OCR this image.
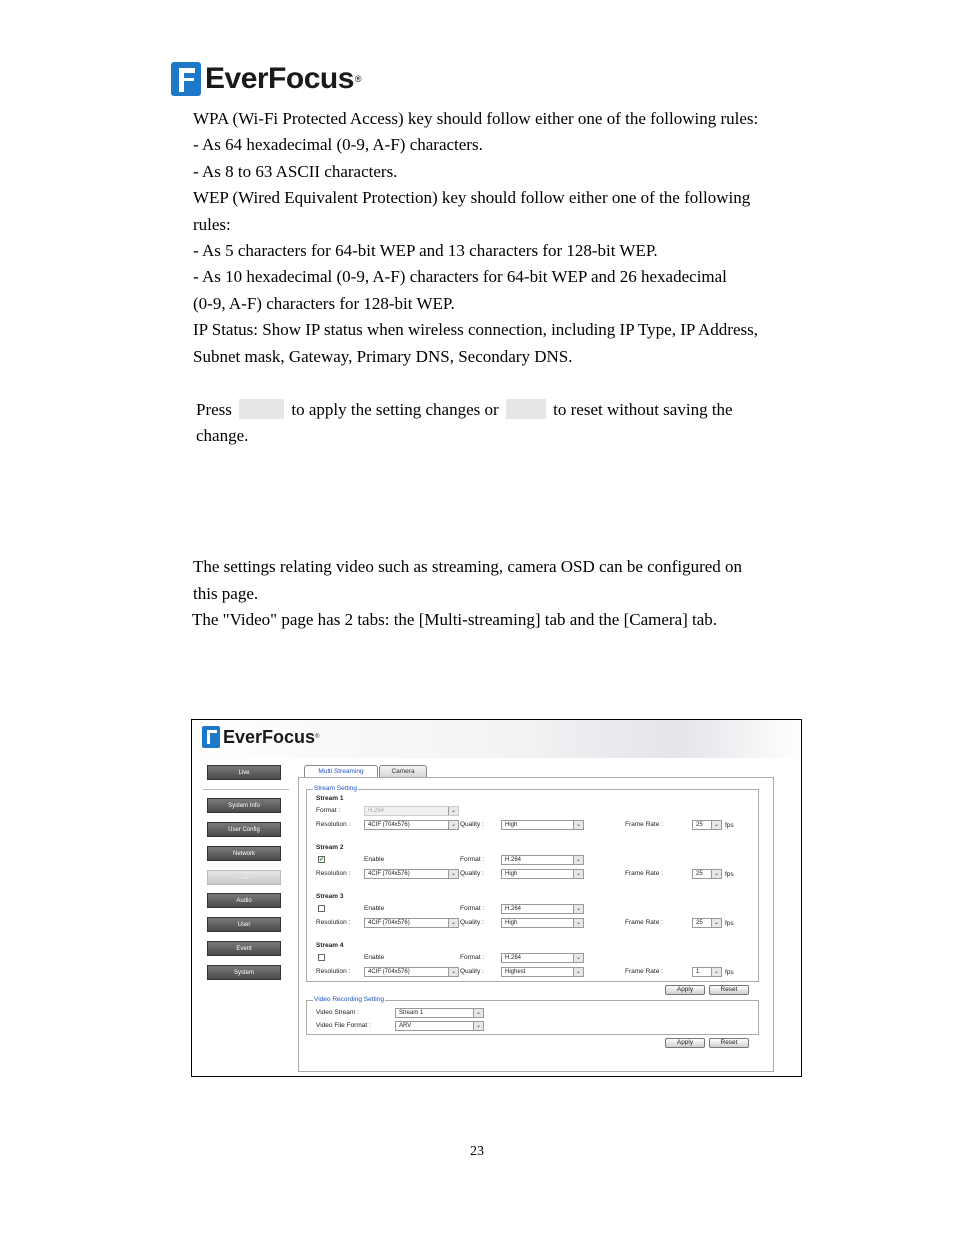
EverFocus ®
WPA (Wi-Fi Protected Access) key should follow either one of the following rules:
- As 64 hexadecimal (0-9, A-F) characters.
- As 8 to 63 ASCII characters.
WEP (Wired Equivalent Protection) key should follow either one of the following
rules:
- As 5 characters for 64-bit WEP and 13 characters for 128-bit WEP.
- As 10 hexadecimal (0-9, A-F) characters for 64-bit WEP and 26 hexadecimal
(0-9, A-F) characters for 128-bit WEP.
IP Status: Show IP status when wireless connection, including IP Type, IP Address,
Subnet mask, Gateway, Primary DNS, Secondary DNS.
Press	to apply the setting changes or	to reset without saving the
change.
The settings relating video such as streaming, camera OSD can be configured on
this page.
The "Video" page has 2 tabs: the [Multi-streaming] tab and the [Camera] tab.
EverFocus ®
Live
System Info
User Config
Network
Video
Audio
User
Event
System
Multi Streaming	Camera
Stream Setting
Stream 1
Format :	H.264	⌄
Resolution :	4CIF (704x576)	⌄ Quality :	High	⌄	Frame Rate :	25	⌄ fps
Stream 2
✔	Enable	Format :	H.264	⌄
Resolution :	4CIF (704x576)	⌄ Quality :	High	⌄	Frame Rate :	25	⌄ fps
Stream 3
Enable	Format :	H.264	⌄
Resolution :	4CIF (704x576)	⌄ Quality :	High	⌄	Frame Rate :	25	⌄ fps
Stream 4
Enable	Format :	H.264	⌄
Resolution :	4CIF (704x576)	⌄ Quality :	Highest	⌄	Frame Rate :	1	⌄ fps
Apply	Reset
Video Recording Setting
Video Stream :	Stream 1	⌄
Video File Format :	ARV	⌄
Apply	Reset
23
